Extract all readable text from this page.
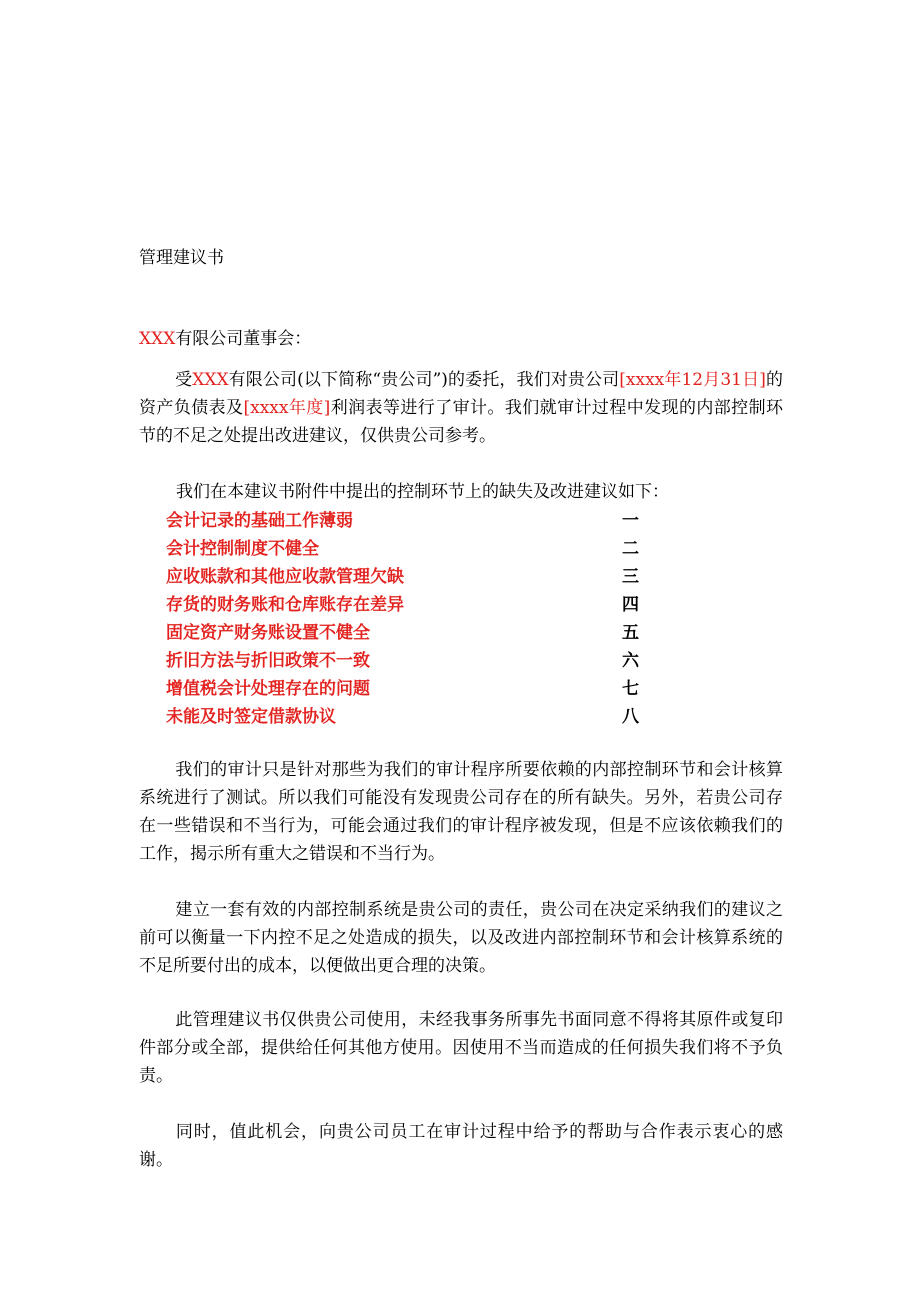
管理建议书
XXX有限公司董事会：

受XXX有限公司(以下简称“贵公司”)的委托，我们对贵公司[xxxx年12月31日]的资产负债表及[xxxx年度]利润表等进行了审计。我们就审计过程中发现的内部控制环节的不足之处提出改进建议，仅供贵公司参考。

我们在本建议书附件中提出的控制环节上的缺失及改进建议如下：
会计记录的基础工作薄弱	一
会计控制制度不健全	二
应收账款和其他应收款管理欠缺	三
存货的财务账和仓库账存在差异	四
固定资产财务账设置不健全	五
折旧方法与折旧政策不一致	六
增值税会计处理存在的问题	七
未能及时签定借款协议	八

我们的审计只是针对那些为我们的审计程序所要依赖的内部控制环节和会计核算系统进行了测试。所以我们可能没有发现贵公司存在的所有缺失。另外，若贵公司存在一些错误和不当行为，可能会通过我们的审计程序被发现，但是不应该依赖我们的工作，揭示所有重大之错误和不当行为。

建立一套有效的内部控制系统是贵公司的责任，贵公司在决定采纳我们的建议之前可以衡量一下内控不足之处造成的损失，以及改进内部控制环节和会计核算系统的不足所要付出的成本，以便做出更合理的决策。

此管理建议书仅供贵公司使用，未经我事务所事先书面同意不得将其原件或复印件部分或全部，提供给任何其他方使用。因使用不当而造成的任何损失我们将不予负责。

同时，值此机会，向贵公司员工在审计过程中给予的帮助与合作表示衷心的感谢。
